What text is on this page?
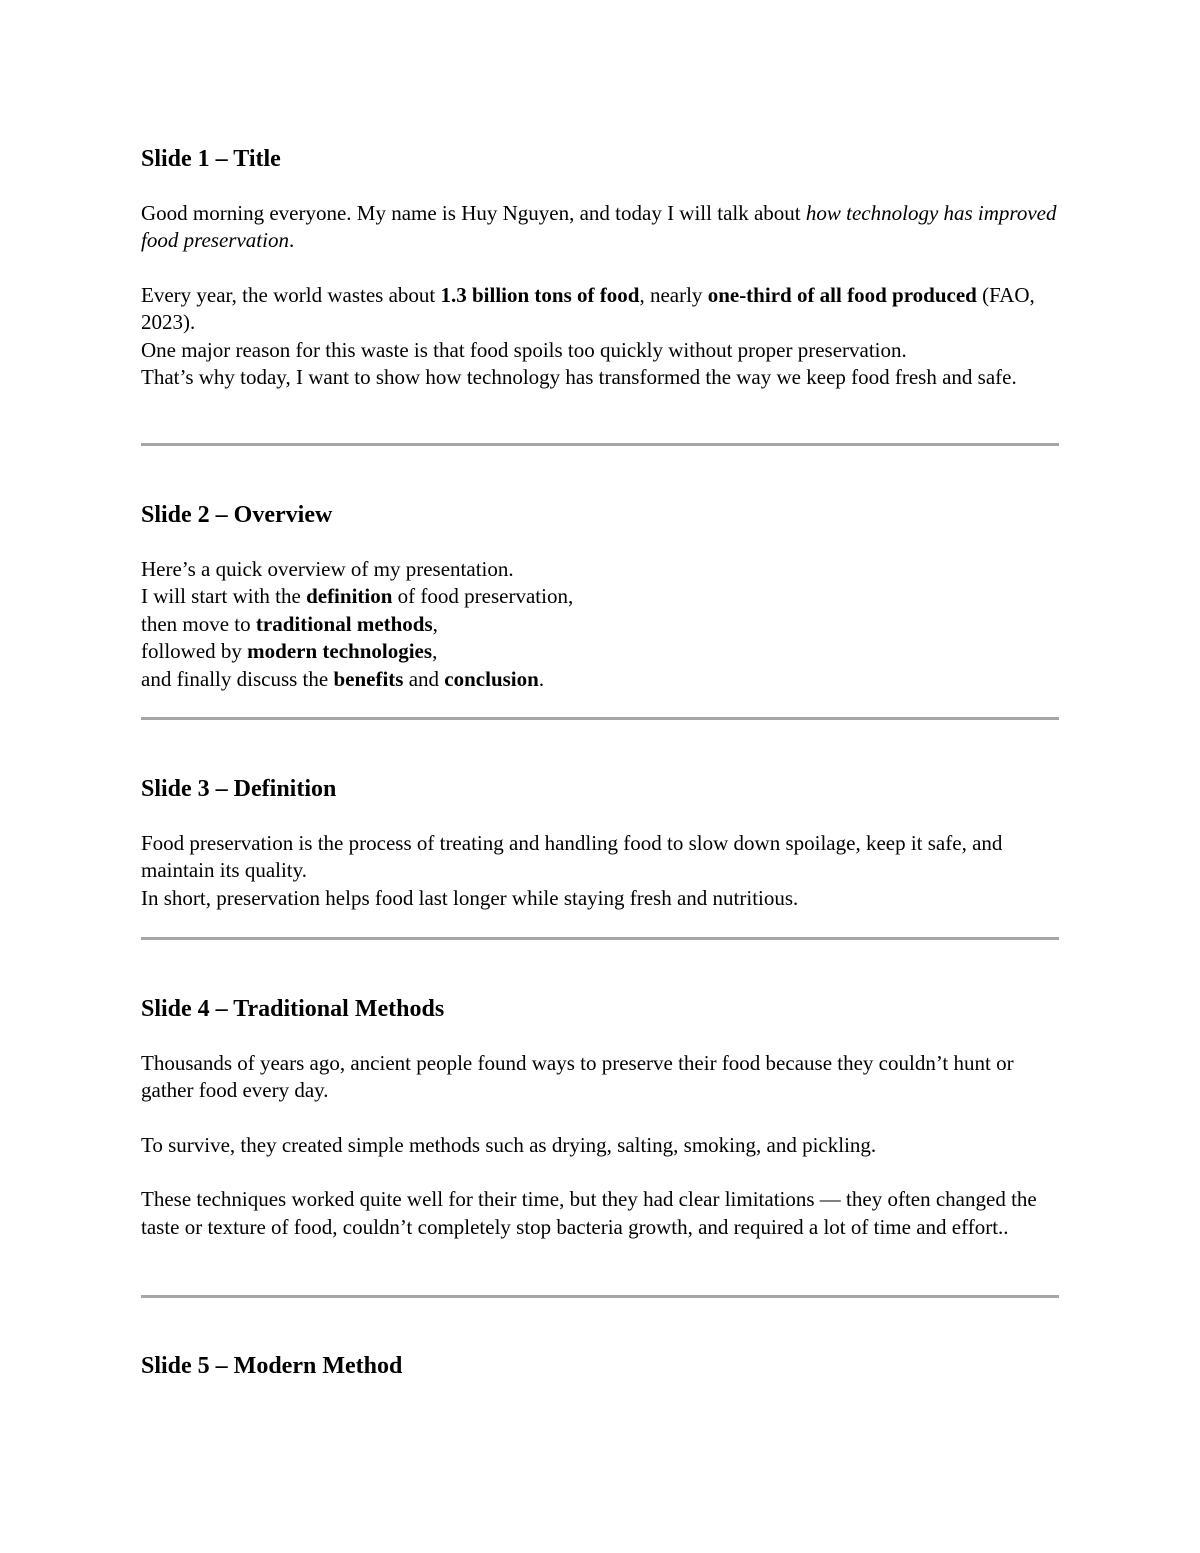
Slide 1 – Title

Good morning everyone. My name is Huy Nguyen, and today I will talk about how technology has improved food preservation.

Every year, the world wastes about 1.3 billion tons of food, nearly one-third of all food produced (FAO, 2023).

One major reason for this waste is that food spoils too quickly without proper preservation.

That’s why today, I want to show how technology has transformed the way we keep food fresh and safe.

Slide 2 – Overview

Here’s a quick overview of my presentation.

I will start with the definition of food preservation,

then move to traditional methods,

followed by modern technologies,

and finally discuss the benefits and conclusion.

Slide 3 – Definition

Food preservation is the process of treating and handling food to slow down spoilage, keep it safe, and maintain its quality.

In short, preservation helps food last longer while staying fresh and nutritious.

Slide 4 – Traditional Methods

Thousands of years ago, ancient people found ways to preserve their food because they couldn’t hunt or gather food every day.

To survive, they created simple methods such as drying, salting, smoking, and pickling.

These techniques worked quite well for their time, but they had clear limitations — they often changed the taste or texture of food, couldn’t completely stop bacteria growth, and required a lot of time and effort..

Slide 5 – Modern Method
